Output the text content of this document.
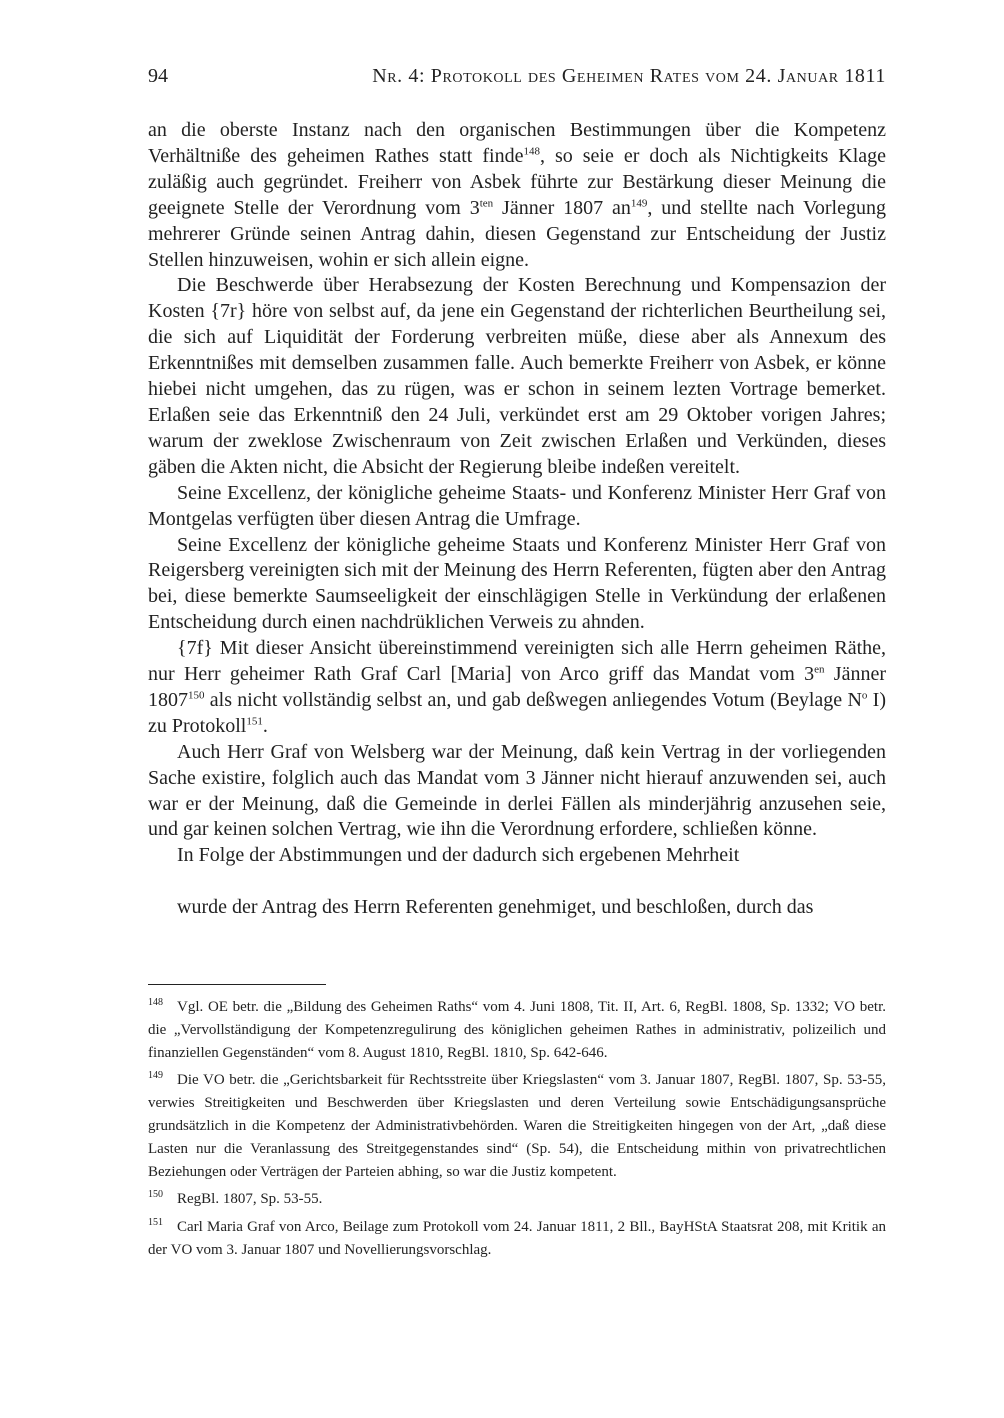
94	Nr. 4: Protokoll des Geheimen Rates vom 24. Januar 1811

an die oberste Instanz nach den organischen Bestimmungen über die Kompetenz Verhältniße des geheimen Rathes statt finde$^{148}$, so seie er doch als Nichtigkeits Klage zuläßig auch gegründet. Freiherr von Asbek führte zur Bestärkung dieser Meinung die geeignete Stelle der Verordnung vom $3^{ten}$ Jänner 1807 $an^{149}$, und stellte nach Vorlegung mehrerer Gründe seinen Antrag dahin, diesen Gegenstand zur Entscheidung der Justiz Stellen hinzuweisen, wohin er sich allein eigne.

Die Beschwerde über Herabsezung der Kosten Berechnung und Kompensazion der Kosten {7r} höre von selbst auf, da jene ein Gegenstand der richterlichen Beurtheilung sei, die sich auf Liquidität der Forderung verbreiten müße, diese aber als Annexum des Erkenntnißes mit demselben zusammen falle. Auch bemerkte Freiherr von Asbek, er könne hiebei nicht umgehen, das zu rügen, was er schon in seinem lezten Vortrage bemerket. Erlaßen seie das Erkenntniß den 24 Juli, verkündet erst am 29 Oktober vorigen Jahres; warum der zweklose Zwischenraum von Zeit zwischen Erlaßen und Verkünden, dieses gäben die Akten nicht, die Absicht der Regierung bleibe indeßen vereitelt.

Seine Excellenz, der königliche geheime Staats- und Konferenz Minister Herr Graf von Montgelas verfügten über diesen Antrag die Umfrage.

Seine Excellenz der königliche geheime Staats und Konferenz Minister Herr Graf von Reigersberg vereinigten sich mit der Meinung des Herrn Referenten, fügten aber den Antrag bei, diese bemerkte Saumseeligkeit der einschlägigen Stelle in Verkündung der erlaßenen Entscheidung durch einen nachdrüklichen Verweis zu ahnden.

{7f} Mit dieser Ansicht übereinstimmend vereinigten sich alle Herrn geheimen Räthe, nur Herr geheimer Rath Graf Carl [Maria] von Arco griff das Mandat vom $3^{en}$ Jänner 1807$^{150}$ als nicht vollständig selbst an, und gab deßwegen anliegendes Votum (Beylage $N^o$ I) zu Protokoll$^{151}$.

Auch Herr Graf von Welsberg war der Meinung, daß kein Vertrag in der vorliegenden Sache existire, folglich auch das Mandat vom 3 Jänner nicht hierauf anzuwenden sei, auch war er der Meinung, daß die Gemeinde in derlei Fällen als minderjährig anzusehen seie, und gar keinen solchen Vertrag, wie ihn die Verordnung erfordere, schließen könne.

In Folge der Abstimmungen und der dadurch sich ergebenen Mehrheit

wurde der Antrag des Herrn Referenten genehmiget, und beschloßen, durch das

$^{148}$ Vgl. OE betr. die „Bildung des Geheimen Raths“ vom 4. Juni 1808, Tit. II, Art. 6, RegBl. 1808, Sp. 1332; VO betr. die „Vervollständigung der Kompetenzregulirung des königlichen geheimen Rathes in administrativ, polizeilich und finanziellen Gegenständen“ vom 8. August 1810, RegBl. 1810, Sp. 642-646.

$^{149}$ Die VO betr. die „Gerichtsbarkeit für Rechtsstreite über Kriegslasten“ vom 3. Januar 1807, RegBl. 1807, Sp. 53-55, verwies Streitigkeiten und Beschwerden über Kriegslasten und deren Verteilung sowie Entschädigungsansprüche grundsätzlich in die Kompetenz der Administrativbehörden. Waren die Streitigkeiten hingegen von der Art, „daß diese Lasten nur die Veranlassung des Streitgegenstandes sind“ (Sp. 54), die Entscheidung mithin von privatrechtlichen Beziehungen oder Verträgen der Parteien abhing, so war die Justiz kompetent.

$^{150}$ RegBl. 1807, Sp. 53-55.

$^{151}$ Carl Maria Graf von Arco, Beilage zum Protokoll vom 24. Januar 1811, 2 Bll., BayHStA Staatsrat 208, mit Kritik an der VO vom 3. Januar 1807 und Novellierungsvorschlag.
